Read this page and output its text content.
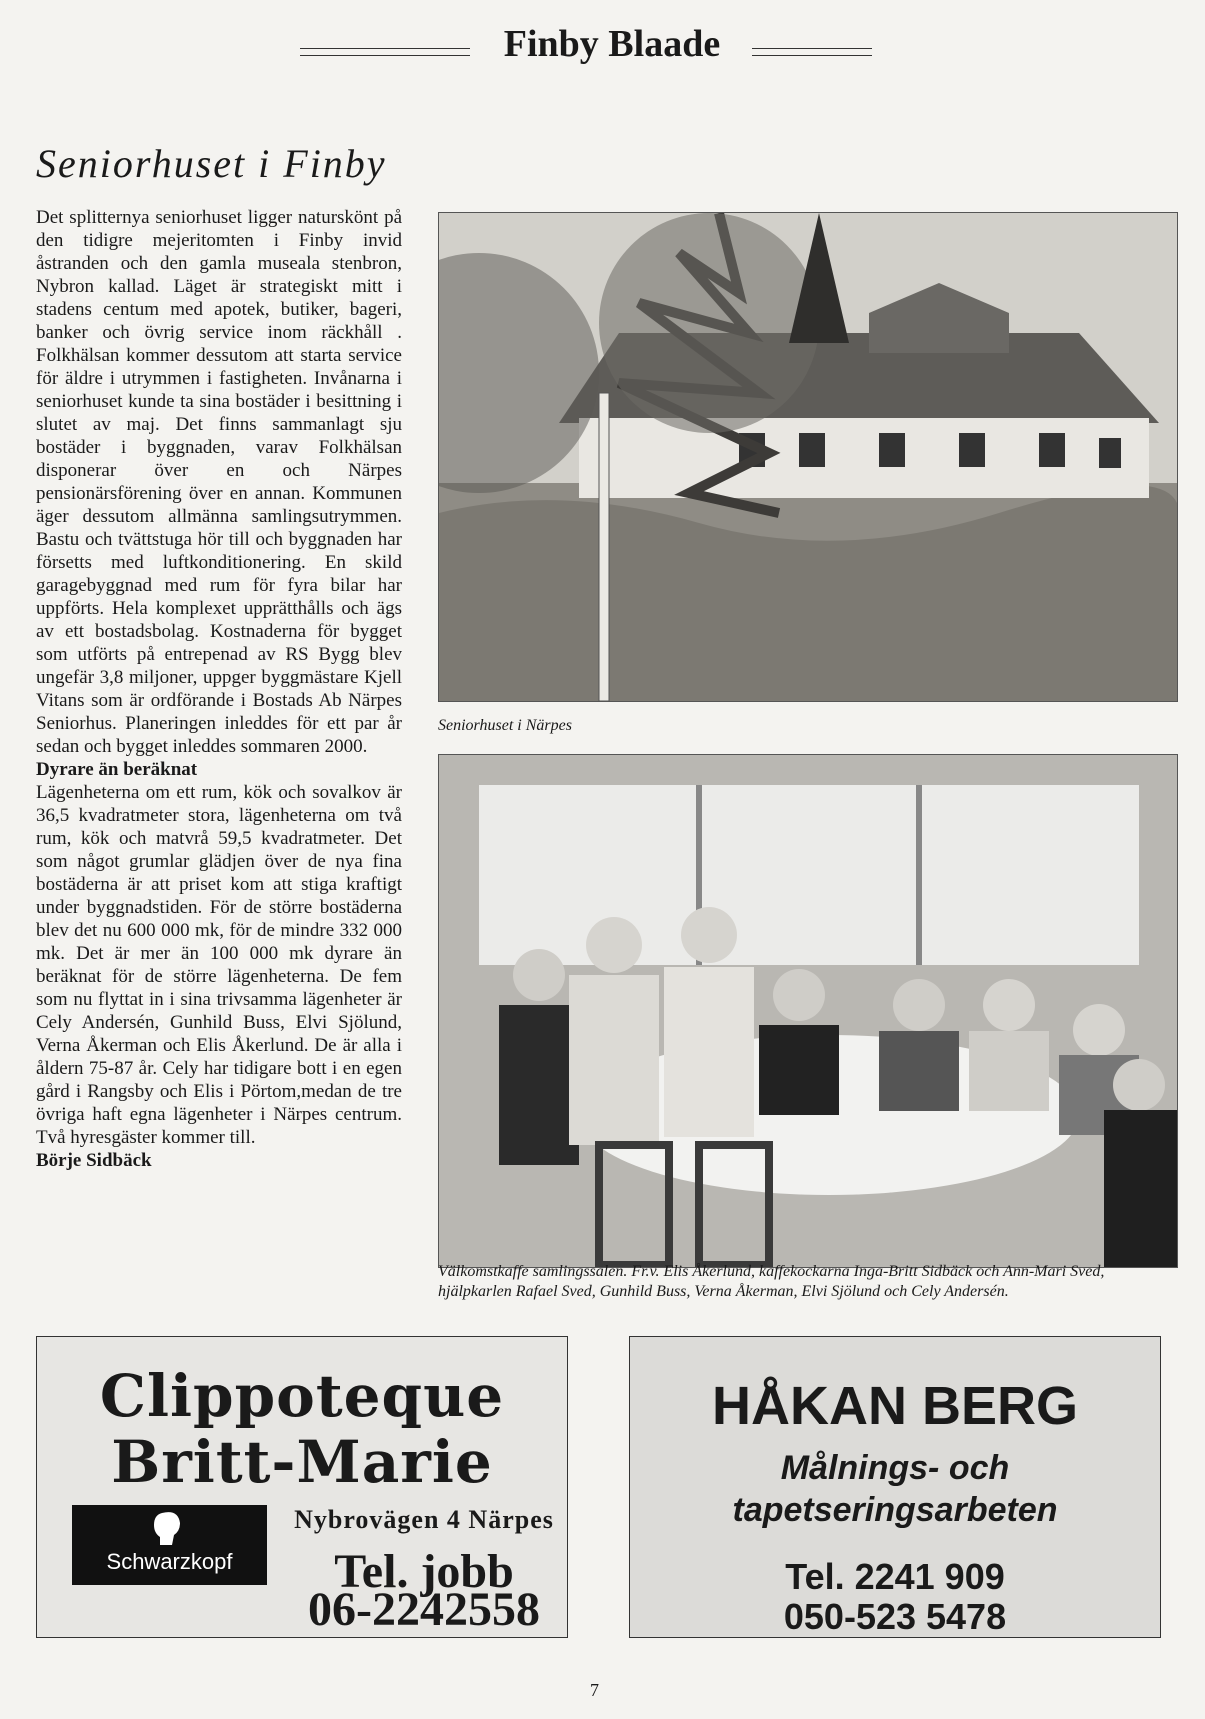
Finby Blaade
Seniorhuset i Finby

Det splitternya seniorhuset ligger naturskönt på den tidigre mejeritomten i Finby invid åstranden och den gamla museala stenbron, Nybron kallad. Läget är strategiskt mitt i stadens centum med apotek, butiker, bageri, banker och övrig service inom räckhåll . Folkhälsan kommer dessutom att starta service för äldre i utrymmen i fastigheten. Invånarna i seniorhuset kunde ta sina bostäder i besittning i slutet av maj. Det finns sammanlagt sju bostäder i byggnaden, varav Folkhälsan disponerar över en och Närpes pensionärsförening över en annan. Kommunen äger dessutom allmänna samlingsutrymmen. Bastu och tvättstuga hör till och byggnaden har försetts med luftkonditionering. En skild garagebyggnad med rum för fyra bilar har uppförts. Hela komplexet upprätthålls och ägs av ett bostadsbolag. Kostnaderna för bygget som utförts på entrepenad av RS Bygg blev ungefär 3,8 miljoner, uppger byggmästare Kjell Vitans som är ordförande i Bostads Ab Närpes Seniorhus. Planeringen inleddes för ett par år sedan och bygget inleddes sommaren 2000.

Dyrare än beräknat

Lägenheterna om ett rum, kök och sovalkov är 36,5 kvadratmeter stora, lägenheterna om två rum, kök och matvrå 59,5 kvadratmeter. Det som något grumlar glädjen över de nya fina bostäderna är att priset kom att stiga kraftigt under byggnadstiden. För de större bostäderna blev det nu 600 000 mk, för de mindre 332 000 mk. Det är mer än 100 000 mk dyrare än beräknat för de större lägenheterna. De fem som nu flyttat in i sina trivsamma lägenheter är Cely Andersén, Gunhild Buss, Elvi Sjölund, Verna Åkerman och Elis Åkerlund. De är alla i åldern 75-87 år. Cely har tidigare bott i en egen gård i Rangsby och Elis i Pörtom,medan de tre övriga haft egna lägenheter i Närpes centrum. Två hyresgäster kommer till.

Börje Sidbäck

Seniorhuset i Närpes

Välkomstkaffe samlingssalen. Fr.v. Elis Åkerlund, kaffekockarna Inga-Britt Sidbäck och Ann-Mari Sved, hjälpkarlen Rafael Sved, Gunhild Buss, Verna Åkerman, Elvi Sjölund och Cely Andersén.

Clippoteque

Britt-Marie

Schwarzkopf
Nybrovägen 4 Närpes
Tel. jobb
06-2242558

HÅKAN BERG

Målnings- och
tapetseringsarbeten
Tel. 2241 909
050-523 5478
7
